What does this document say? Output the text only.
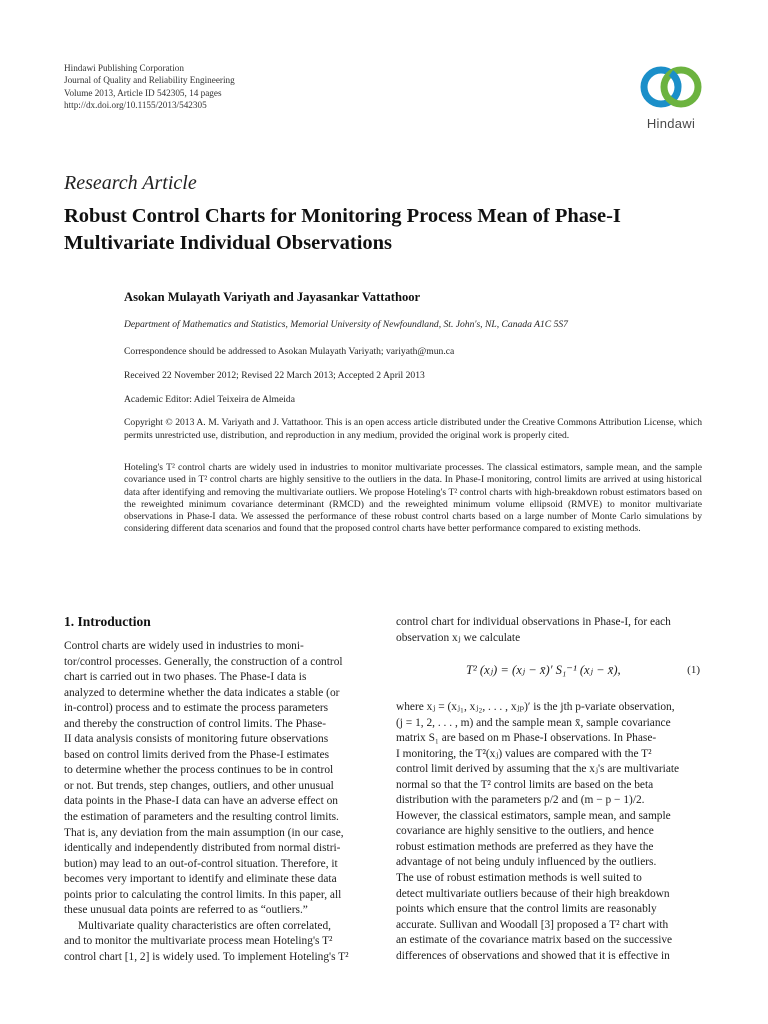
Hindawi Publishing Corporation
Journal of Quality and Reliability Engineering
Volume 2013, Article ID 542305, 14 pages
http://dx.doi.org/10.1155/2013/542305
Hindawi
Research Article
Robust Control Charts for Monitoring Process Mean of Phase-I
Multivariate Individual Observations
Asokan Mulayath Variyath and Jayasankar Vattathoor
Department of Mathematics and Statistics, Memorial University of Newfoundland, St. John's, NL, Canada A1C 5S7
Correspondence should be addressed to Asokan Mulayath Variyath; variyath@mun.ca
Received 22 November 2012; Revised 22 March 2013; Accepted 2 April 2013
Academic Editor: Adiel Teixeira de Almeida
Copyright © 2013 A. M. Variyath and J. Vattathoor. This is an open access article distributed under the Creative Commons Attribution License, which permits unrestricted use, distribution, and reproduction in any medium, provided the original work is properly cited.
Hoteling's T² control charts are widely used in industries to monitor multivariate processes. The classical estimators, sample mean, and the sample covariance used in T² control charts are highly sensitive to the outliers in the data. In Phase-I monitoring, control limits are arrived at using historical data after identifying and removing the multivariate outliers. We propose Hoteling's T² control charts with high-breakdown robust estimators based on the reweighted minimum covariance determinant (RMCD) and the reweighted minimum volume ellipsoid (RMVE) to monitor multivariate observations in Phase-I data. We assessed the performance of these robust control charts based on a large number of Monte Carlo simulations by considering different data scenarios and found that the proposed control charts have better performance compared to existing methods.
1. Introduction
Control charts are widely used in industries to moni-
tor/control processes. Generally, the construction of a control
chart is carried out in two phases. The Phase-I data is
analyzed to determine whether the data indicates a stable (or
in-control) process and to estimate the process parameters
and thereby the construction of control limits. The Phase-
II data analysis consists of monitoring future observations
based on control limits derived from the Phase-I estimates
to determine whether the process continues to be in control
or not. But trends, step changes, outliers, and other unusual
data points in the Phase-I data can have an adverse effect on
the estimation of parameters and the resulting control limits.
That is, any deviation from the main assumption (in our case,
identically and independently distributed from normal distri-
bution) may lead to an out-of-control situation. Therefore, it
becomes very important to identify and eliminate these data
points prior to calculating the control limits. In this paper, all
these unusual data points are referred to as “outliers.”
Multivariate quality characteristics are often correlated,
and to monitor the multivariate process mean Hoteling's T²
control chart [1, 2] is widely used. To implement Hoteling's T²
control chart for individual observations in Phase-I, for each
observation xⱼ we calculate
T² (xⱼ) = (xⱼ − x̄)′ S₁⁻¹ (xⱼ − x̄),	(1)
where xⱼ = (xⱼ₁, xⱼ₂, . . . , xⱼₚ)′ is the jth p-variate observation,
(j = 1, 2, . . . , m) and the sample mean x̄, sample covariance
matrix S₁ are based on m Phase-I observations. In Phase-
I monitoring, the T²(xⱼ) values are compared with the T²
control limit derived by assuming that the xⱼ's are multivariate
normal so that the T² control limits are based on the beta
distribution with the parameters p/2 and (m − p − 1)/2.
However, the classical estimators, sample mean, and sample
covariance are highly sensitive to the outliers, and hence
robust estimation methods are preferred as they have the
advantage of not being unduly influenced by the outliers.
The use of robust estimation methods is well suited to
detect multivariate outliers because of their high breakdown
points which ensure that the control limits are reasonably
accurate. Sullivan and Woodall [3] proposed a T² chart with
an estimate of the covariance matrix based on the successive
differences of observations and showed that it is effective in
